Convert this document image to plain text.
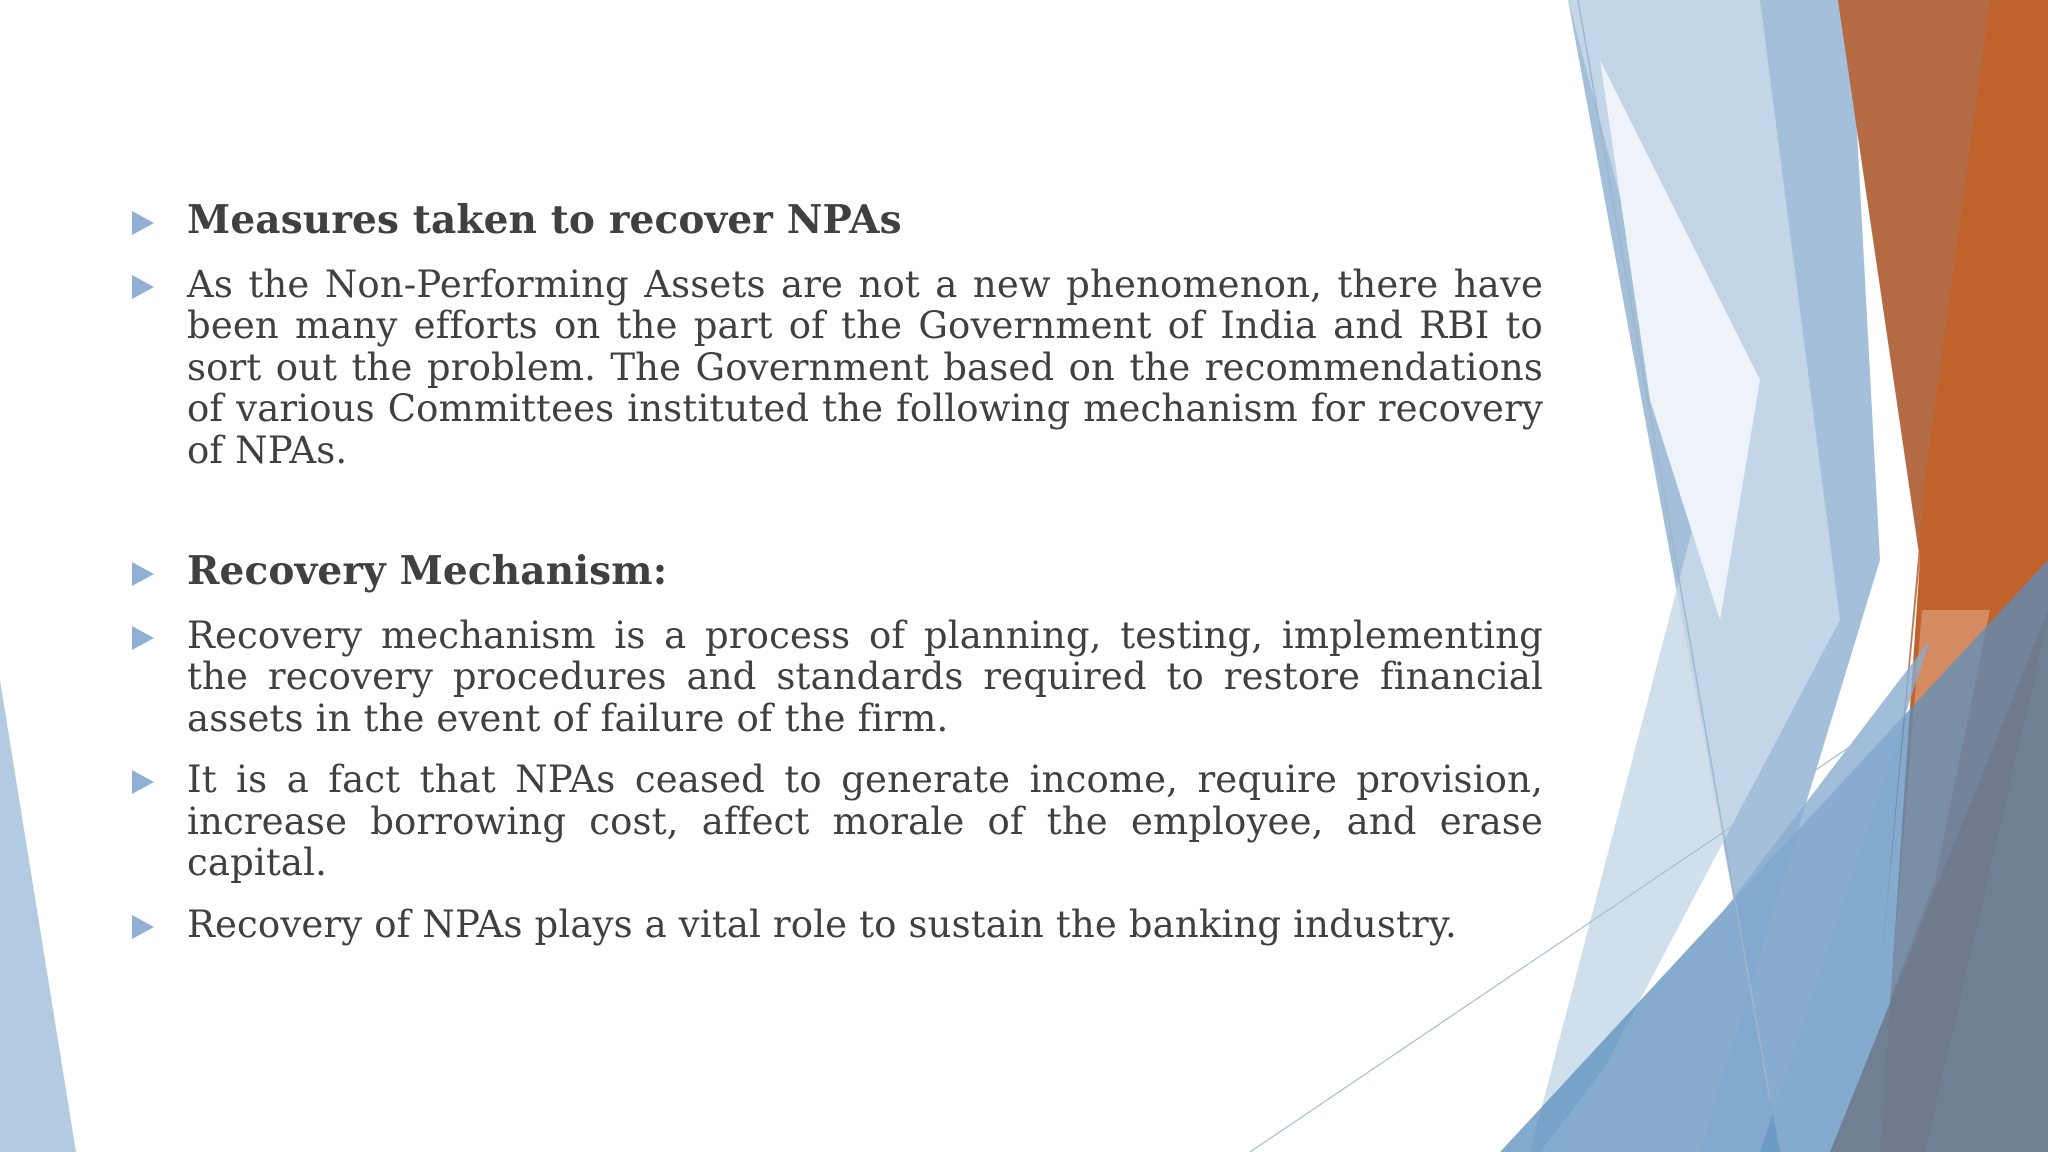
Measures taken to recover NPAs
As the Non-Performing Assets are not a new phenomenon, there have been many efforts on the part of the Government of India and RBI to sort out the problem. The Government based on the recommendations of various Committees instituted the following mechanism for recovery of NPAs.
Recovery Mechanism:
Recovery mechanism is a process of planning, testing, implementing the recovery procedures and standards required to restore financial assets in the event of failure of the firm.
It is a fact that NPAs ceased to generate income, require provision, increase borrowing cost, affect morale of the employee, and erase capital.
Recovery of NPAs plays a vital role to sustain the banking industry.
